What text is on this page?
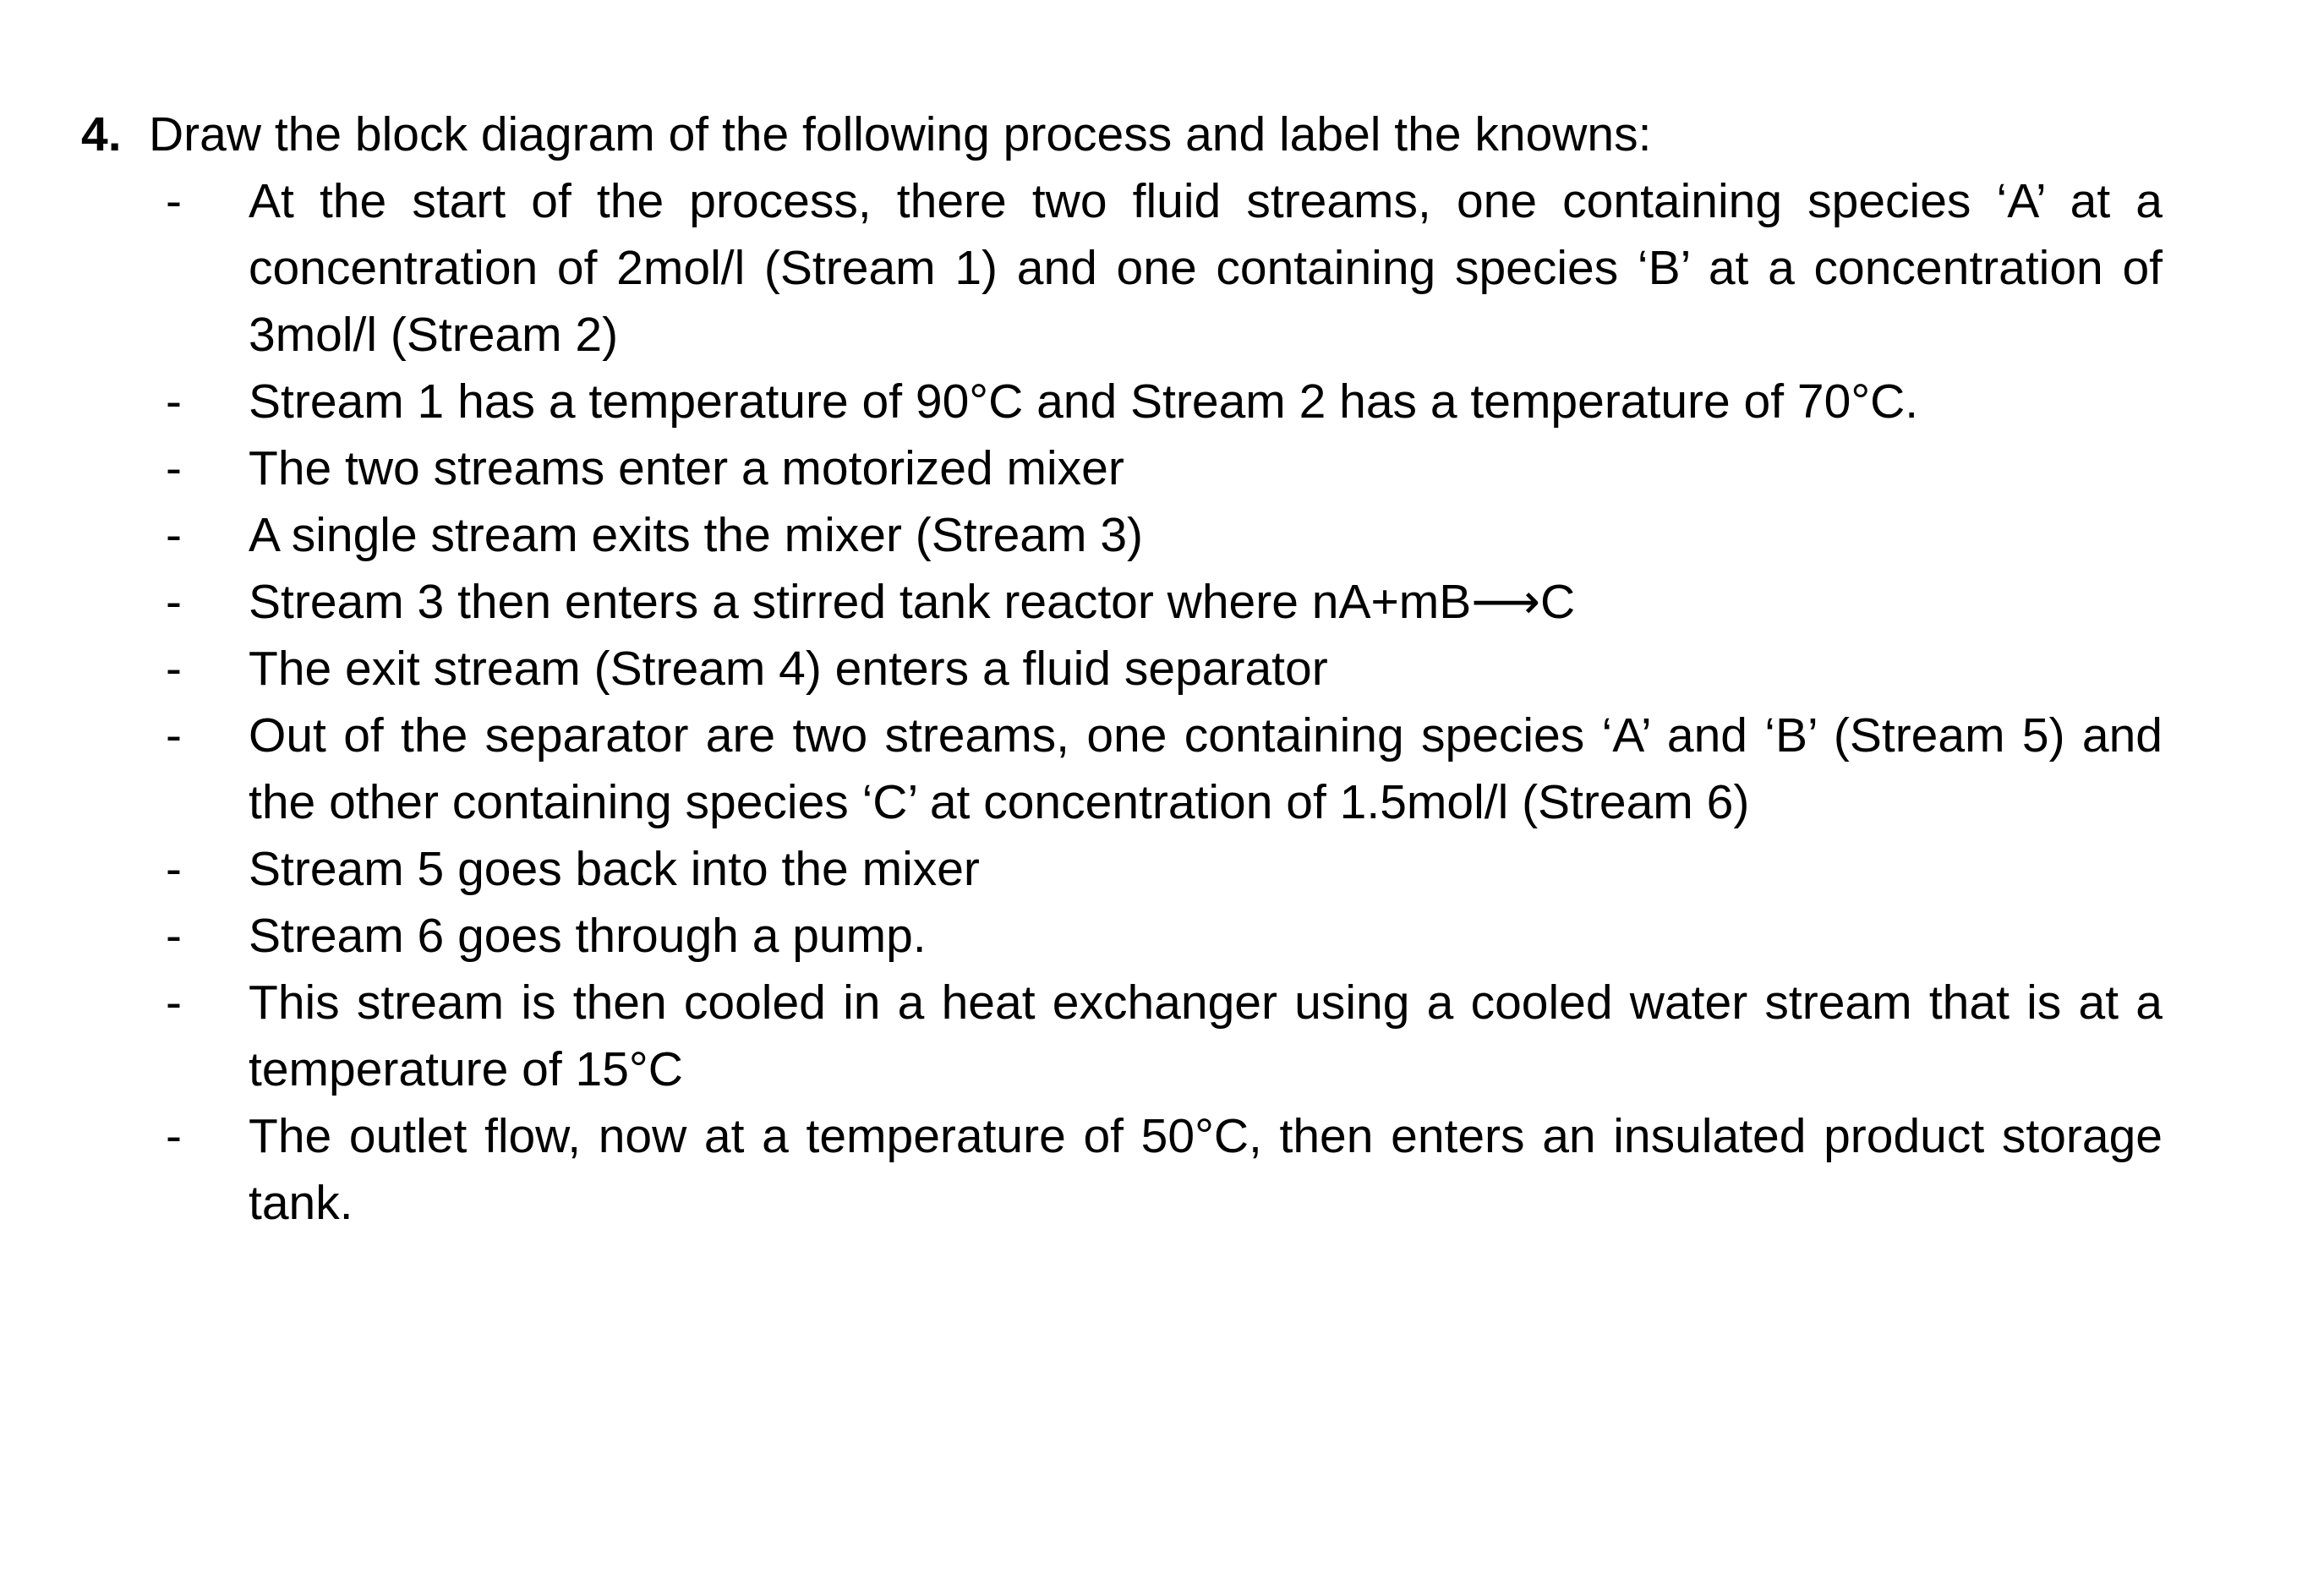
4. Draw the block diagram of the following process and label the knowns:
-	At the start of the process, there two fluid streams, one containing species ‘A’ at a concentration of 2mol/l (Stream 1) and one containing species ‘B’ at a concentration of 3mol/l (Stream 2)
-	Stream 1 has a temperature of 90°C and Stream 2 has a temperature of 70°C.
-	The two streams enter a motorized mixer
-	A single stream exits the mixer (Stream 3)
-	Stream 3 then enters a stirred tank reactor where nA+mB⟶C
-	The exit stream (Stream 4) enters a fluid separator
-	Out of the separator are two streams, one containing species ‘A’ and ‘B’ (Stream 5) and the other containing species ‘C’ at concentration of 1.5mol/l (Stream 6)
-	Stream 5 goes back into the mixer
-	Stream 6 goes through a pump.
-	This stream is then cooled in a heat exchanger using a cooled water stream that is at a temperature of 15°C
-	The outlet flow, now at a temperature of 50°C, then enters an insulated product storage tank.
